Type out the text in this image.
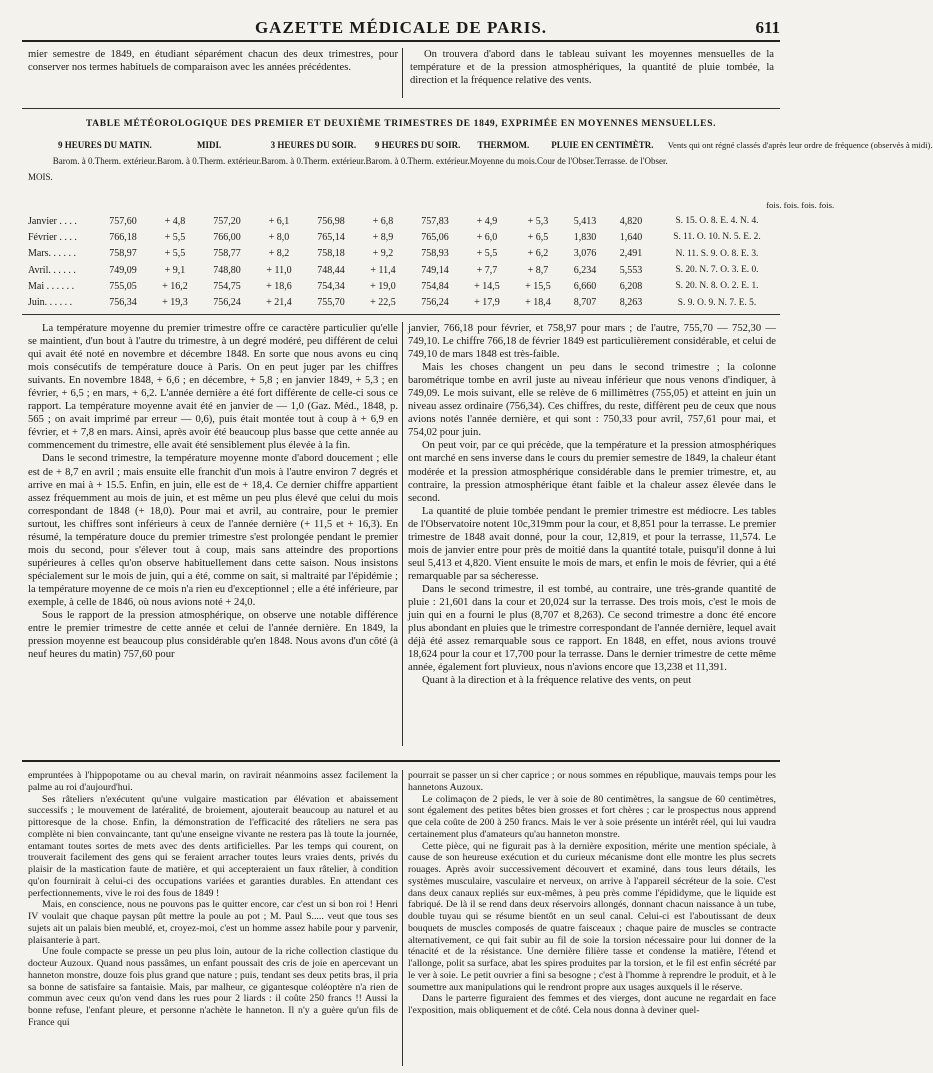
GAZETTE MÉDICALE DE PARIS.	611

mier semestre de 1849, en étudiant séparément chacun des deux trimestres, pour conserver nos termes habituels de comparaison avec les années précédentes.

On trouvera d'abord dans le tableau suivant les moyennes mensuelles de la température et de la pression atmosphériques, la quantité de pluie tombée, la direction et la fréquence relative des vents.

TABLE MÉTÉOROLOGIQUE DES PREMIER ET DEUXIÈME TRIMESTRES DE 1849, EXPRIMÉE EN MOYENNES MENSUELLES.
	9 HEURES DU MATIN.		MIDI.		3 HEURES DU SOIR.		9 HEURES DU SOIR.		THERMOM.	PLUIE EN CENTIMÈTR.		Vents qui ont régné classés d'après leur ordre de fréquence (observés à midi).
MOIS.	Barom. à 0.	Therm. extérieur.	Barom. à 0.	Therm. extérieur.	Barom. à 0.	Therm. extérieur.	Barom. à 0.	Therm. extérieur.	Moyenne du mois.	Cour de l'Obser.	Terrasse. de l'Obser.	
												fois. fois. fois. fois.
Janvier . . . .	757,60	+ 4,8	757,20	+ 6,1	756,98	+ 6,8	757,83	+ 4,9	+ 5,3	5,413	4,820	S. 15. O. 8. E. 4. N. 4.
Février . . . .	766,18	+ 5,5	766,00	+ 8,0	765,14	+ 8,9	765,06	+ 6,0	+ 6,5	1,830	1,640	S. 11. O. 10. N. 5. E. 2.
Mars. . . . . .	758,97	+ 5,5	758,77	+ 8,2	758,18	+ 9,2	758,93	+ 5,5	+ 6,2	3,076	2,491	N. 11. S. 9. O. 8. E. 3.
Avril. . . . . .	749,09	+ 9,1	748,80	+ 11,0	748,44	+ 11,4	749,14	+ 7,7	+ 8,7	6,234	5,553	S. 20. N. 7. O. 3. E. 0.
Mai . . . . . .	755,05	+ 16,2	754,75	+ 18,6	754,34	+ 19,0	754,84	+ 14,5	+ 15,5	6,660	6,208	S. 20. N. 8. O. 2. E. 1.
Juin. . . . . .	756,34	+ 19,3	756,24	+ 21,4	755,70	+ 22,5	756,24	+ 17,9	+ 18,4	8,707	8,263	S. 9. O. 9. N. 7. E. 5.

La température moyenne du premier trimestre offre ce caractère particulier qu'elle se maintient, d'un bout à l'autre du trimestre, à un degré modéré, peu différent de celui qui avait été noté en novembre et décembre 1848. En sorte que nous avons eu cinq mois consécutifs de température douce à Paris. On en peut juger par les chiffres suivants. En novembre 1848, + 6,6 ; en décembre, + 5,8 ; en janvier 1849, + 5,3 ; en février, + 6,5 ; en mars, + 6,2. L'année dernière a été fort différente de celle-ci sous ce rapport. La température moyenne avait été en janvier de — 1,0 (Gaz. Méd., 1848, p. 565 ; on avait imprimé par erreur — 0,6), puis était montée tout à coup à + 6,9 en février, et + 7,8 en mars. Ainsi, après avoir été beaucoup plus basse que cette année au commencement du trimestre, elle avait été sensiblement plus élevée à la fin.

Dans le second trimestre, la température moyenne monte d'abord doucement ; elle est de + 8,7 en avril ; mais ensuite elle franchit d'un mois à l'autre environ 7 degrés et arrive en mai à + 15.5. Enfin, en juin, elle est de + 18,4. Ce dernier chiffre appartient assez fréquemment au mois de juin, et est même un peu plus élevé que celui du mois correspondant de 1848 (+ 18,0). Pour mai et avril, au contraire, pour le premier surtout, les chiffres sont inférieurs à ceux de l'année dernière (+ 11,5 et + 16,3). En résumé, la température douce du premier trimestre s'est prolongée pendant le premier mois du second, pour s'élever tout à coup, mais sans atteindre des proportions supérieures à celles qu'on observe habituellement dans cette saison. Nous insistons spécialement sur le mois de juin, qui a été, comme on sait, si maltraité par l'épidémie ; la température moyenne de ce mois n'a rien eu d'exceptionnel ; elle a été inférieure, par exemple, à celle de 1846, où nous avions noté + 24,0.

Sous le rapport de la pression atmosphérique, on observe une notable différence entre le premier trimestre de cette année et celui de l'année dernière. En 1849, la pression moyenne est beaucoup plus considérable qu'en 1848. Nous avons d'un côté (à neuf heures du matin) 757,60 pour

janvier, 766,18 pour février, et 758,97 pour mars ; de l'autre, 755,70 — 752,30 — 749,10. Le chiffre 766,18 de février 1849 est particulièrement considérable, et celui de 749,10 de mars 1848 est très-faible.

Mais les choses changent un peu dans le second trimestre ; la colonne barométrique tombe en avril juste au niveau inférieur que nous venons d'indiquer, à 749,09. Le mois suivant, elle se relève de 6 millimètres (755,05) et atteint en juin un niveau assez ordinaire (756,34). Ces chiffres, du reste, diffèrent peu de ceux que nous avions notés l'année dernière, et qui sont : 750,33 pour avril, 757,61 pour mai, et 754,02 pour juin.

On peut voir, par ce qui précède, que la température et la pression atmosphériques ont marché en sens inverse dans le cours du premier semestre de 1849, la chaleur étant modérée et la pression atmosphérique considérable dans le premier trimestre, et, au contraire, la pression atmosphérique étant faible et la chaleur assez élevée dans le second.

La quantité de pluie tombée pendant le premier trimestre est médiocre. Les tables de l'Observatoire notent 10c,319mm pour la cour, et 8,851 pour la terrasse. Le premier trimestre de 1848 avait donné, pour la cour, 12,819, et pour la terrasse, 11,574. Le mois de janvier entre pour près de moitié dans la quantité totale, puisqu'il donne à lui seul 5,413 et 4,820. Vient ensuite le mois de mars, et enfin le mois de février, qui a été remarquable par sa sécheresse.

Dans le second trimestre, il est tombé, au contraire, une très-grande quantité de pluie : 21,601 dans la cour et 20,024 sur la terrasse. Des trois mois, c'est le mois de juin qui en a fourni le plus (8,707 et 8,263). Ce second trimestre a donc été encore plus abondant en pluies que le trimestre correspondant de l'année dernière, lequel avait déjà été assez remarquable sous ce rapport. En 1848, en effet, nous avions trouvé 18,624 pour la cour et 17,700 pour la terrasse. Dans le dernier trimestre de cette même année, également fort pluvieux, nous n'avions encore que 13,238 et 11,391.

Quant à la direction et à la fréquence relative des vents, on peut

empruntées à l'hippopotame ou au cheval marin, on ravirait néanmoins assez facilement la palme au roi d'aujourd'hui.

Ses râteliers n'exécutent qu'une vulgaire mastication par élévation et abaissement successifs ; le mouvement de latéralité, de broiement, ajouterait beaucoup au naturel et au pittoresque de la chose. Enfin, la démonstration de l'efficacité des râteliers ne sera pas complète ni bien convaincante, tant qu'une enseigne vivante ne restera pas là toute la journée, entamant toutes sortes de mets avec des dents artificielles. Par les temps qui courent, on trouverait facilement des gens qui se feraient arracher toutes leurs vraies dents, privés du plaisir de la mastication faute de matière, et qui accepteraient un faux râtelier, à condition qu'on fournirait à celui-ci des occupations variées et garanties durables. En attendant ces perfectionnements, vive le roi des fous de 1849 !

Mais, en conscience, nous ne pouvons pas le quitter encore, car c'est un si bon roi ! Henri IV voulait que chaque paysan pût mettre la poule au pot ; M. Paul S..... veut que tous ses sujets ait un palais bien meublé, et, croyez-moi, c'est un homme assez habile pour y parvenir, plaisanterie à part.

Une foule compacte se presse un peu plus loin, autour de la riche collection clastique du docteur Auzoux. Quand nous passâmes, un enfant poussait des cris de joie en apercevant un hanneton monstre, douze fois plus grand que nature ; puis, tendant ses deux petits bras, il pria sa bonne de satisfaire sa fantaisie. Mais, par malheur, ce gigantesque coléoptère n'a rien de commun avec ceux qu'on vend dans les rues pour 2 liards : il coûte 250 francs !! Aussi la bonne refuse, l'enfant pleure, et personne n'achète le hanneton. Il n'y a guère qu'un fils de France qui

pourrait se passer un si cher caprice ; or nous sommes en république, mauvais temps pour les hannetons Auzoux.

Le colimaçon de 2 pieds, le ver à soie de 80 centimètres, la sangsue de 60 centimètres, sont également des petites bêtes bien grosses et fort chères ; car le prospectus nous apprend que cela coûte de 200 à 250 francs. Mais le ver à soie présente un intérêt réel, qui lui vaudra certainement plus d'amateurs qu'au hanneton monstre.

Cette pièce, qui ne figurait pas à la dernière exposition, mérite une mention spéciale, à cause de son heureuse exécution et du curieux mécanisme dont elle montre les plus secrets rouages. Après avoir successivement découvert et examiné, dans tous leurs détails, les systèmes musculaire, vasculaire et nerveux, on arrive à l'appareil sécréteur de la soie. C'est dans deux canaux repliés sur eux-mêmes, à peu près comme l'épididyme, que le liquide est fabriqué. De là il se rend dans deux réservoirs allongés, donnant chacun naissance à un tube, double tuyau qui se résume bientôt en un seul canal. Celui-ci est l'aboutissant de deux bouquets de muscles composés de quatre faisceaux ; chaque paire de muscles se contracte alternativement, ce qui fait subir au fil de soie la torsion nécessaire pour lui donner de la ténacité et de la résistance. Une dernière filière tasse et condense la matière, l'étend et l'allonge, polit sa surface, abat les spires produites par la torsion, et le fil est enfin sécrété par le ver à soie. Le petit ouvrier a fini sa besogne ; c'est à l'homme à reprendre le produit, et à le soumettre aux manipulations qui le rendront propre aux usages auxquels il le réserve.

Dans le parterre figuraient des femmes et des vierges, dont aucune ne regardait en face l'exposition, mais obliquement et de côté. Cela nous donna à deviner quel-
